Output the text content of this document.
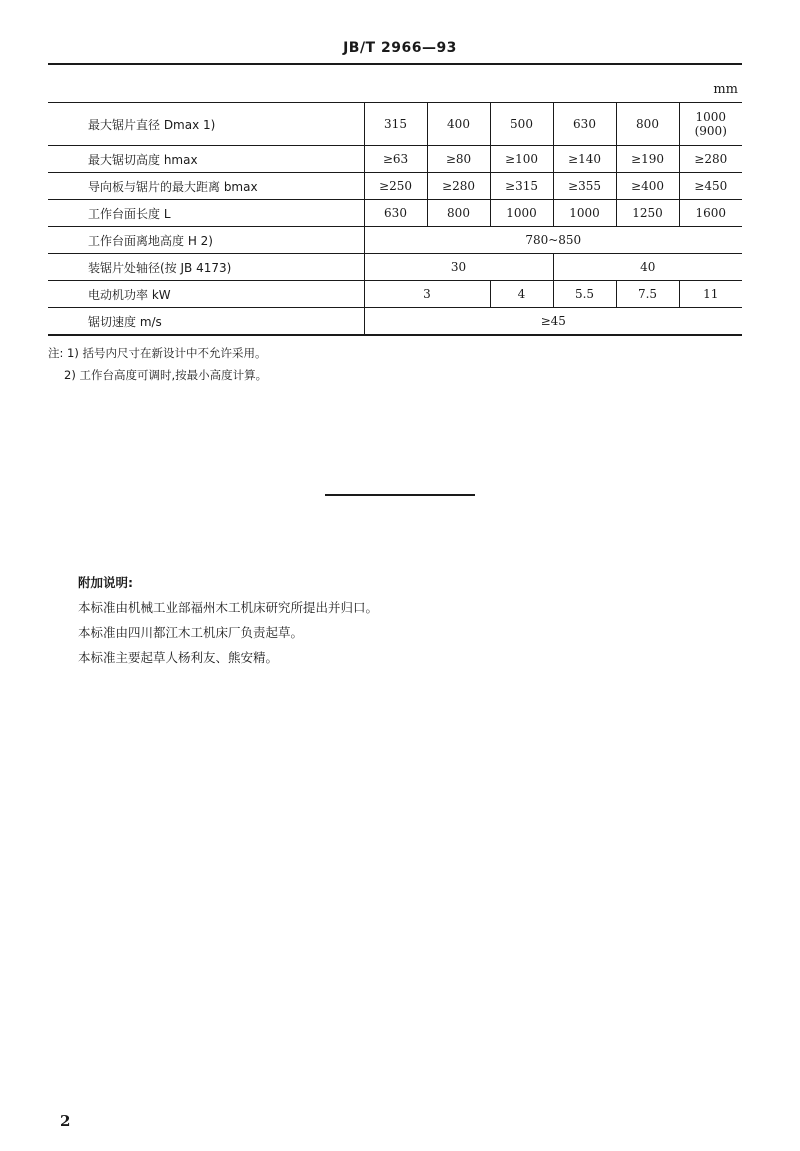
JB/T 2966—93
mm
最大锯片直径 Dmax 1)	315	400	500	630	800	1000 (900)
最大锯切高度 hmax	≥63	≥80	≥100	≥140	≥190	≥280
导向板与锯片的最大距离 bmax	≥250	≥280	≥315	≥355	≥400	≥450
工作台面长度 L	630	800	1000	1000	1250	1600
工作台面离地高度 H 2)	780~850					
装锯片处轴径(按 JB 4173)	30			40		
电动机功率 kW	3		4	5.5	7.5	11
锯切速度 m/s	≥45					
注: 1) 括号内尺寸在新设计中不允许采用。
2) 工作台高度可调时,按最小高度计算。
附加说明:
本标准由机械工业部福州木工机床研究所提出并归口。
本标准由四川都江木工机床厂负责起草。
本标准主要起草人杨利友、熊安精。
2
